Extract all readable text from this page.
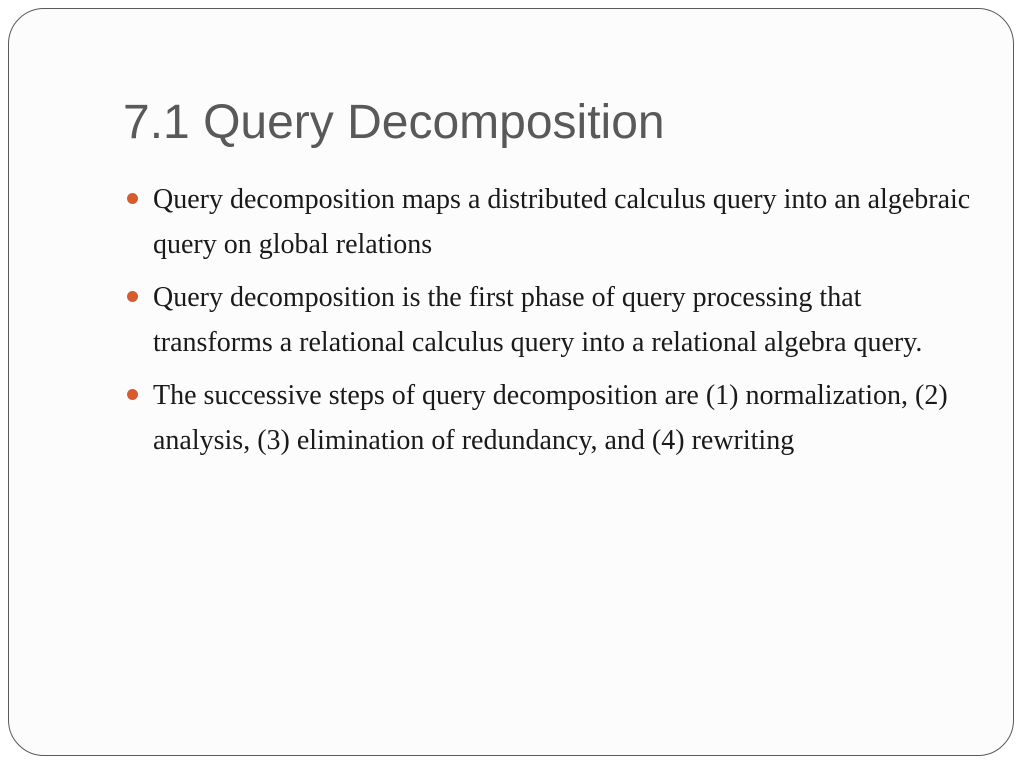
7.1 Query Decomposition
Query decomposition maps a distributed calculus query into an algebraic query on global relations
Query decomposition is the first phase of query processing that transforms a relational calculus query into a relational algebra query.
The successive steps of query decomposition are (1) normalization, (2) analysis, (3) elimination of redundancy, and (4) rewriting
